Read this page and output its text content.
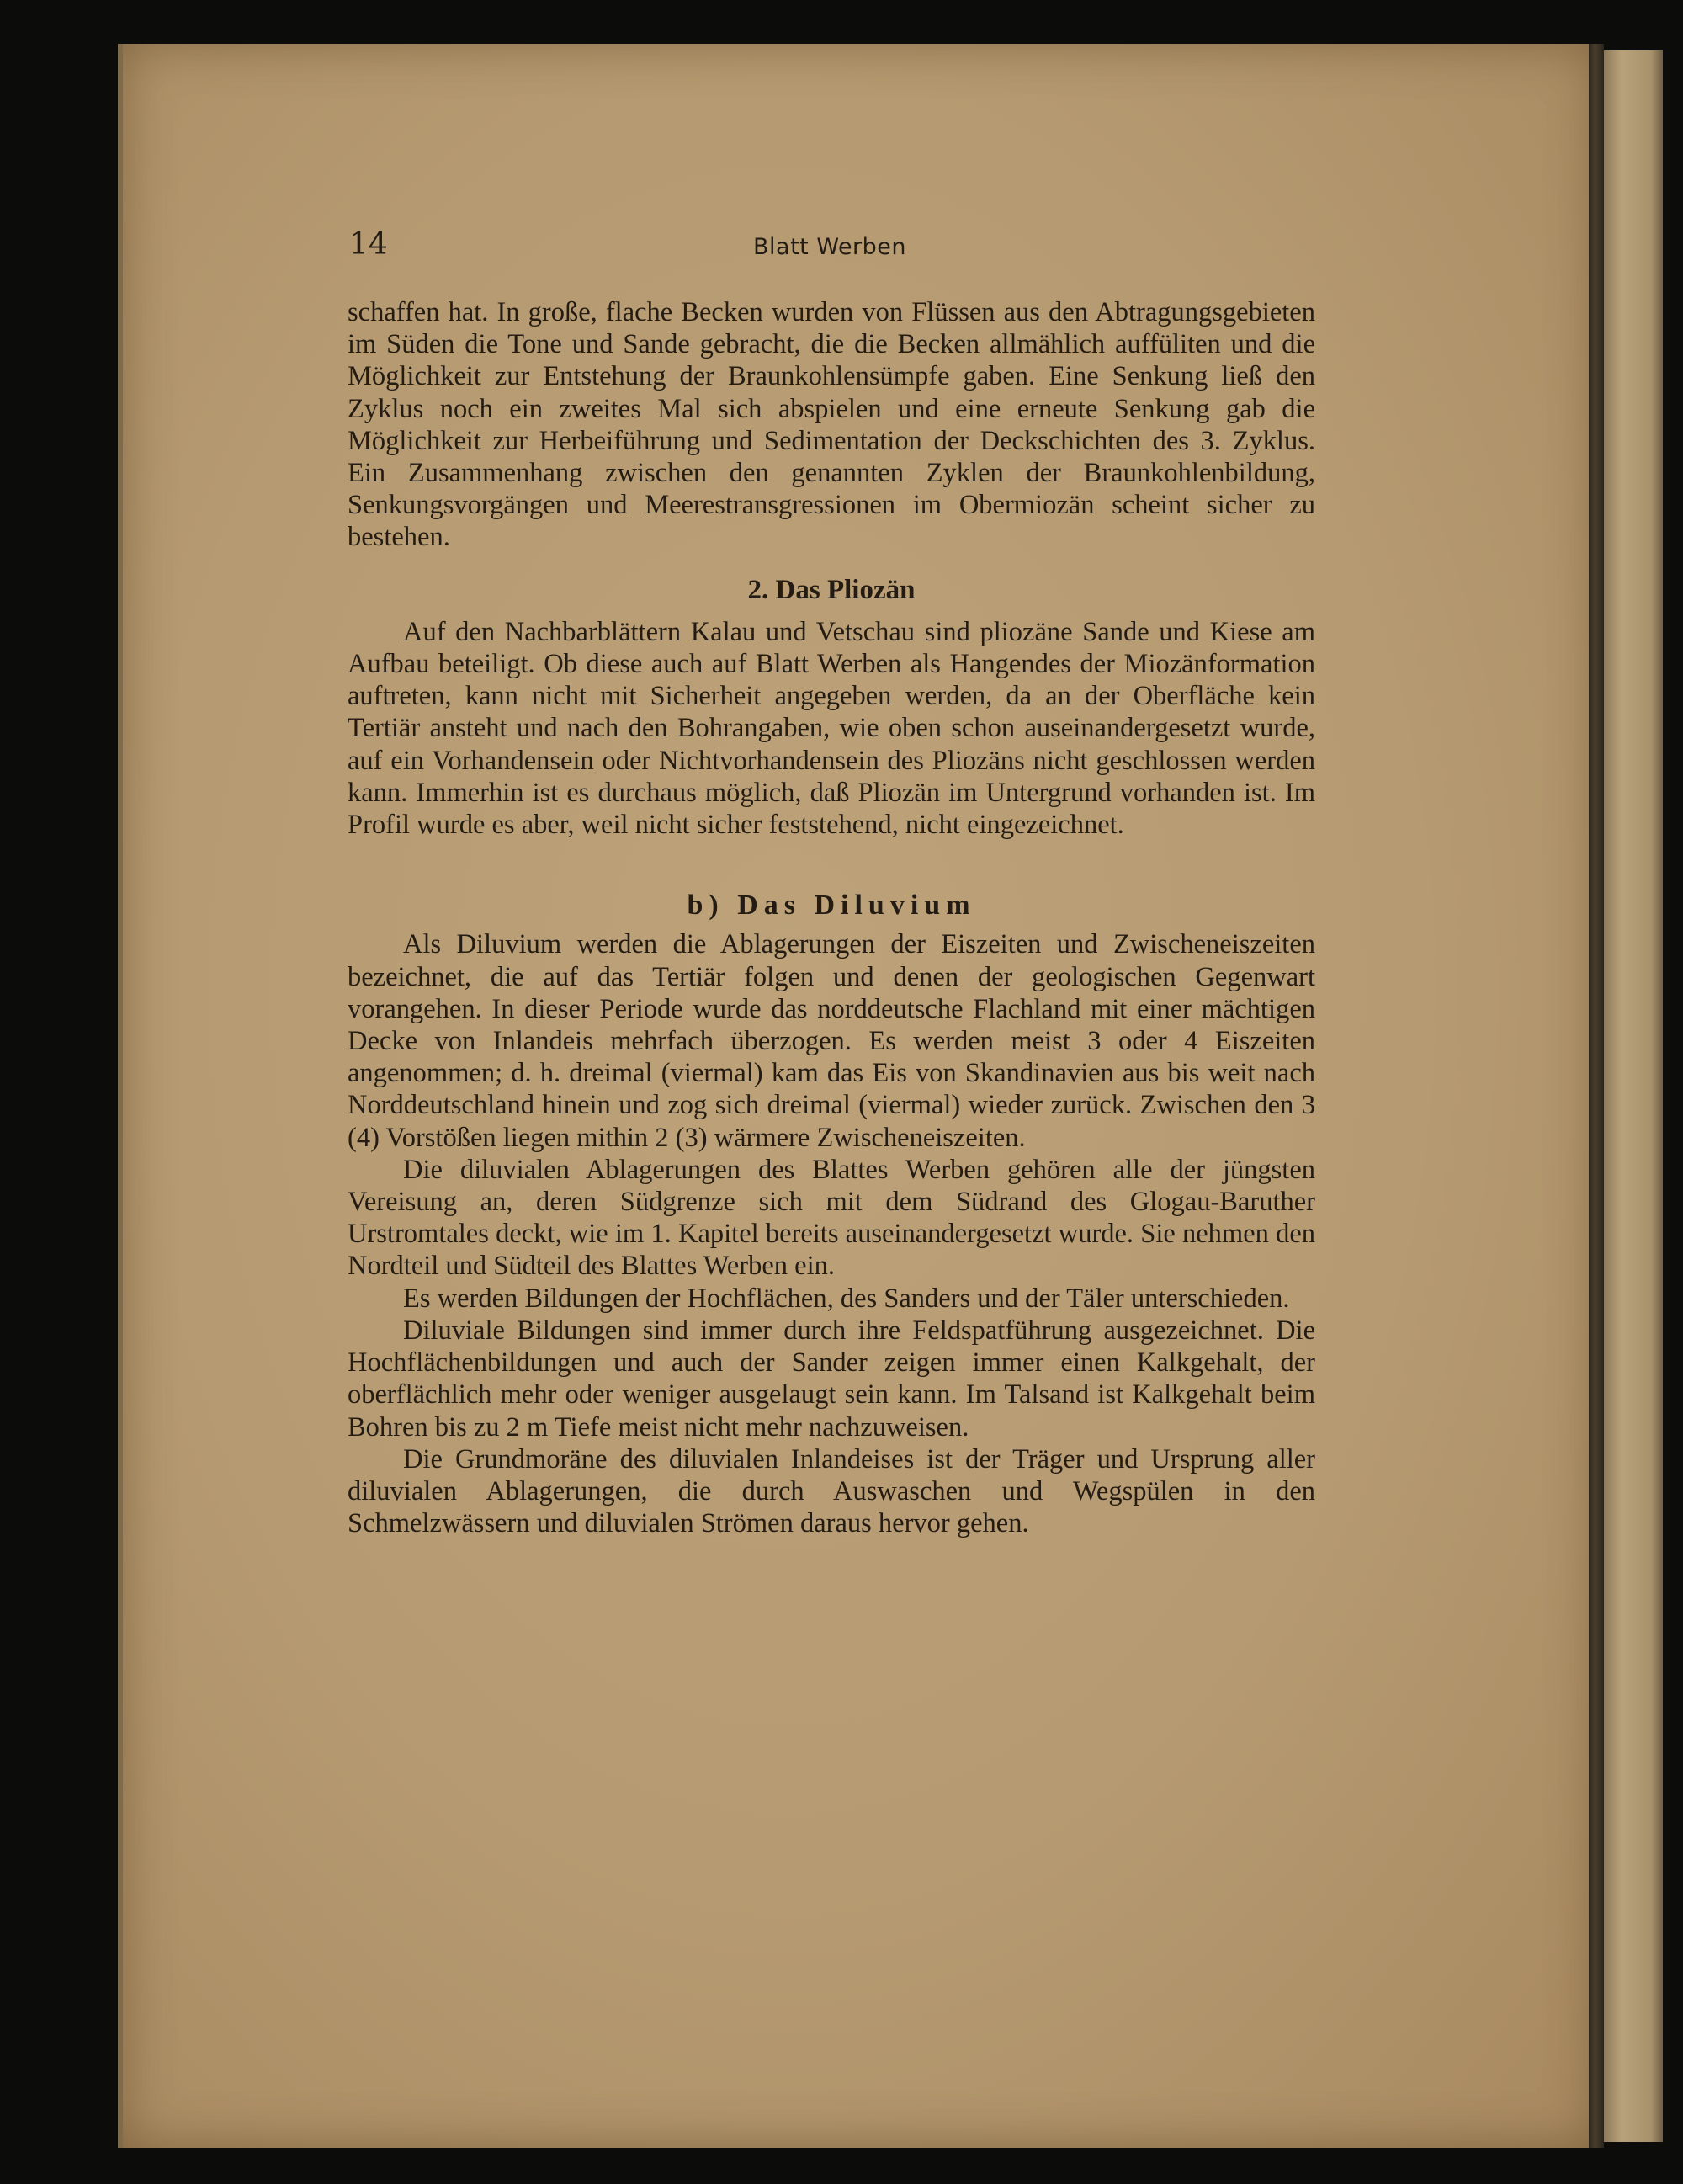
14	Blatt Werben

schaffen hat. In große, flache Becken wurden von Flüssen aus den Abtragungsgebieten im Süden die Tone und Sande gebracht, die die Becken allmählich auffüliten und die Möglichkeit zur Entstehung der Braunkohlensümpfe gaben. Eine Senkung ließ den Zyklus noch ein zweites Mal sich abspielen und eine erneute Senkung gab die Möglichkeit zur Herbeiführung und Sedimentation der Deckschichten des 3. Zyklus. Ein Zusammenhang zwischen den genannten Zyklen der Braunkohlenbildung, Senkungsvorgängen und Meerestransgressionen im Obermiozän scheint sicher zu bestehen.

2. Das Pliozän

Auf den Nachbarblättern Kalau und Vetschau sind pliozäne Sande und Kiese am Aufbau beteiligt. Ob diese auch auf Blatt Werben als Hangendes der Miozänformation auftreten, kann nicht mit Sicherheit angegeben werden, da an der Oberfläche kein Tertiär ansteht und nach den Bohrangaben, wie oben schon auseinandergesetzt wurde, auf ein Vorhandensein oder Nichtvorhandensein des Pliozäns nicht geschlossen werden kann. Immerhin ist es durchaus möglich, daß Pliozän im Untergrund vorhanden ist. Im Profil wurde es aber, weil nicht sicher feststehend, nicht eingezeichnet.

b) Das Diluvium

Als Diluvium werden die Ablagerungen der Eiszeiten und Zwischeneiszeiten bezeichnet, die auf das Tertiär folgen und denen der geologischen Gegenwart vorangehen. In dieser Periode wurde das norddeutsche Flachland mit einer mächtigen Decke von Inlandeis mehrfach überzogen. Es werden meist 3 oder 4 Eiszeiten angenommen; d. h. dreimal (viermal) kam das Eis von Skandinavien aus bis weit nach Norddeutschland hinein und zog sich dreimal (viermal) wieder zurück. Zwischen den 3 (4) Vorstößen liegen mithin 2 (3) wärmere Zwischeneiszeiten.

Die diluvialen Ablagerungen des Blattes Werben gehören alle der jüngsten Vereisung an, deren Südgrenze sich mit dem Südrand des Glogau-Baruther Urstromtales deckt, wie im 1. Kapitel bereits auseinandergesetzt wurde. Sie nehmen den Nordteil und Südteil des Blattes Werben ein.

Es werden Bildungen der Hochflächen, des Sanders und der Täler unterschieden.

Diluviale Bildungen sind immer durch ihre Feldspatführung ausgezeichnet. Die Hochflächenbildungen und auch der Sander zeigen immer einen Kalkgehalt, der oberflächlich mehr oder weniger ausgelaugt sein kann. Im Talsand ist Kalkgehalt beim Bohren bis zu 2 m Tiefe meist nicht mehr nachzuweisen.

Die Grundmoräne des diluvialen Inlandeises ist der Träger und Ursprung aller diluvialen Ablagerungen, die durch Auswaschen und Wegspülen in den Schmelzwässern und diluvialen Strömen daraus hervor gehen.
